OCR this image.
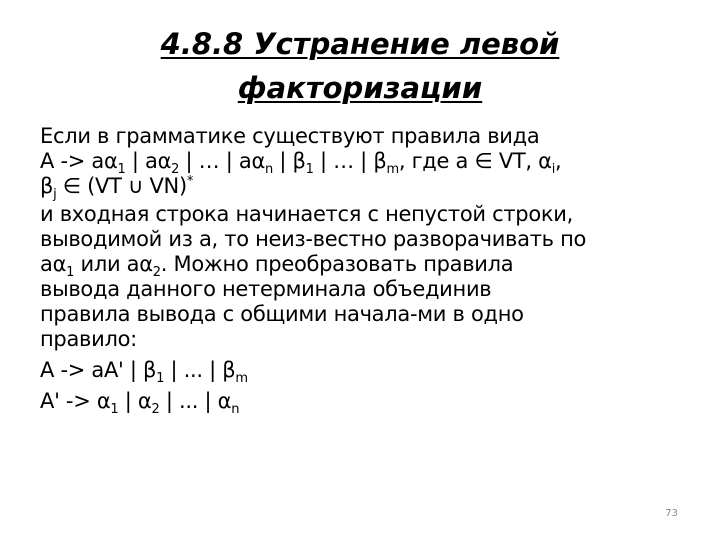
4.8.8 Устранение левой
факторизации
Если в грамматике существуют правила вида
$A -> a\alpha_1$ | $a\alpha_2$ | … | $a\alpha_n$ | $\beta_1$ | … | $\beta_m$, где a ∈ VT, $\alpha_i$,
$\beta_j$ ∈ (VT ∪ VN)*
и входная строка начинается с непустой строки,
выводимой из a, то неиз-вестно разворачивать по
$a\alpha_1$ или $a\alpha_2$. Можно преобразовать правила
вывода данного нетерминала объединив
правила вывода с общими начала-ми в одно
правило:
A -> aA' | $\beta_1$ | ... | $\beta_m$
$A' -> \alpha_1$ | $\alpha_2$ | ... | $\alpha_n$
73
